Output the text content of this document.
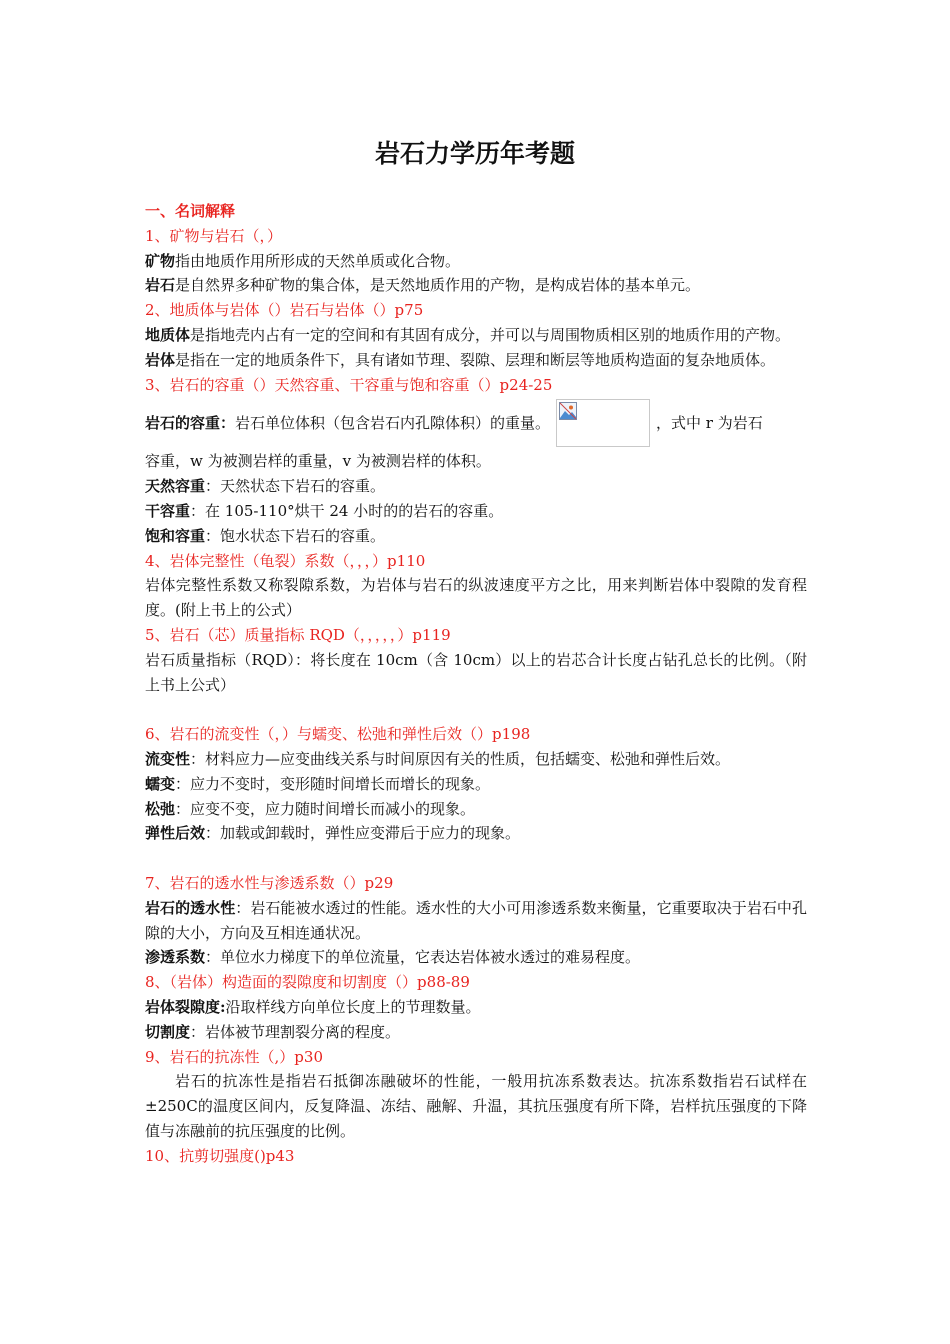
岩石力学历年考题

一、名词解释

1、矿物与岩石（，）

矿物指由地质作用所形成的天然单质或化合物。

岩石是自然界多种矿物的集合体，是天然地质作用的产物，是构成岩体的基本单元。

2、地质体与岩体（）岩石与岩体（）p75

地质体是指地壳内占有一定的空间和有其固有成分，并可以与周围物质相区别的地质作用的产物。

岩体是指在一定的地质条件下，具有诸如节理、裂隙、层理和断层等地质构造面的复杂地质体。

3、岩石的容重（）天然容重、干容重与饱和容重（）p24-25

岩石的容重： 岩石单位体积（包含岩石内孔隙体积）的重量。	，式中 r 为岩石

容重，w 为被测岩样的重量，v 为被测岩样的体积。

天然容重：天然状态下岩石的容重。

干容重：在 105-110°烘干 24 小时的的岩石的容重。

饱和容重：饱水状态下岩石的容重。

4、岩体完整性（龟裂）系数（，，，）p110

岩体完整性系数又称裂隙系数，为岩体与岩石的纵波速度平方之比，用来判断岩体中裂隙的发育程度。(附上书上的公式）

5、岩石（芯）质量指标 RQD（，，，，，）p119

岩石质量指标（RQD）：将长度在 10cm（含 10cm）以上的岩芯合计长度占钻孔总长的比例。（附上书上公式）

6、岩石的流变性（，）与蠕变、松弛和弹性后效（）p198

流变性：材料应力—应变曲线关系与时间原因有关的性质，包括蠕变、松弛和弹性后效。

蠕变：应力不变时，变形随时间增长而增长的现象。

松弛：应变不变，应力随时间增长而减小的现象。

弹性后效：加载或卸载时，弹性应变滞后于应力的现象。

7、岩石的透水性与渗透系数（）p29

岩石的透水性：岩石能被水透过的性能。透水性的大小可用渗透系数来衡量，它重要取决于岩石中孔隙的大小，方向及互相连通状况。

渗透系数：单位水力梯度下的单位流量，它表达岩体被水透过的难易程度。

8、（岩体）构造面的裂隙度和切割度（）p88-89

岩体裂隙度:沿取样线方向单位长度上的节理数量。

切割度：岩体被节理割裂分离的程度。

9、岩石的抗冻性（,）p30

岩石的抗冻性是指岩石抵御冻融破坏的性能，一般用抗冻系数表达。抗冻系数指岩石试样在±250C的温度区间内，反复降温、冻结、融解、升温，其抗压强度有所下降，岩样抗压强度的下降值与冻融前的抗压强度的比例。

10、抗剪切强度()p43
